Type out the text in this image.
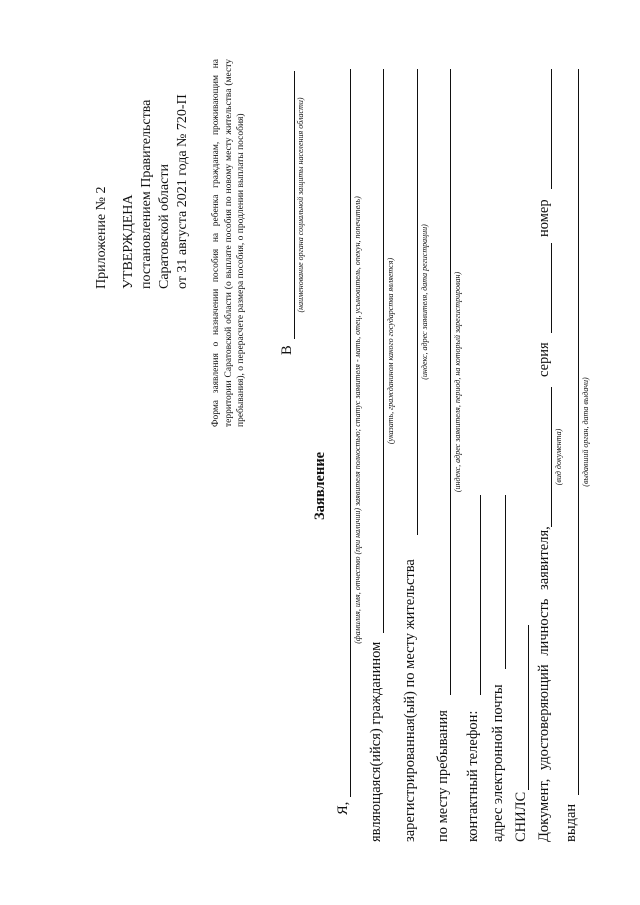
Приложение № 2 УТВЕРЖДЕНА постановлением Правительства Саратовской области от 31 августа 2021 года № 720-П Форма заявления о назначении пособия на ребенка гражданам, проживающим на территории Саратовской области (о выплате пособия по новому месту жительства (месту пребывания), о перерасчете размера пособия, о продлении выплаты пособия) В
(наименование органа социальной защиты населения области)
Заявление
Я,
(фамилия, имя, отчество (при наличии) заявителя полностью; статус заявителя - мать, отец, усыновитель, опекун, попечитель)
являющаяся(ийся) гражданином
(указать, гражданином какого государства является)
зарегистрированная(ый) по месту жительства
(индекс, адрес заявителя, дата регистрации)
по месту пребывания
(индекс, адрес заявителя, период, на который зарегистрирован)
контактный телефон: адрес электронной почты СНИЛС Документ, удостоверяющий личность заявителя,
(вид документа)
серия
номер
выдан
(выдавший орган, дата выдачи)
